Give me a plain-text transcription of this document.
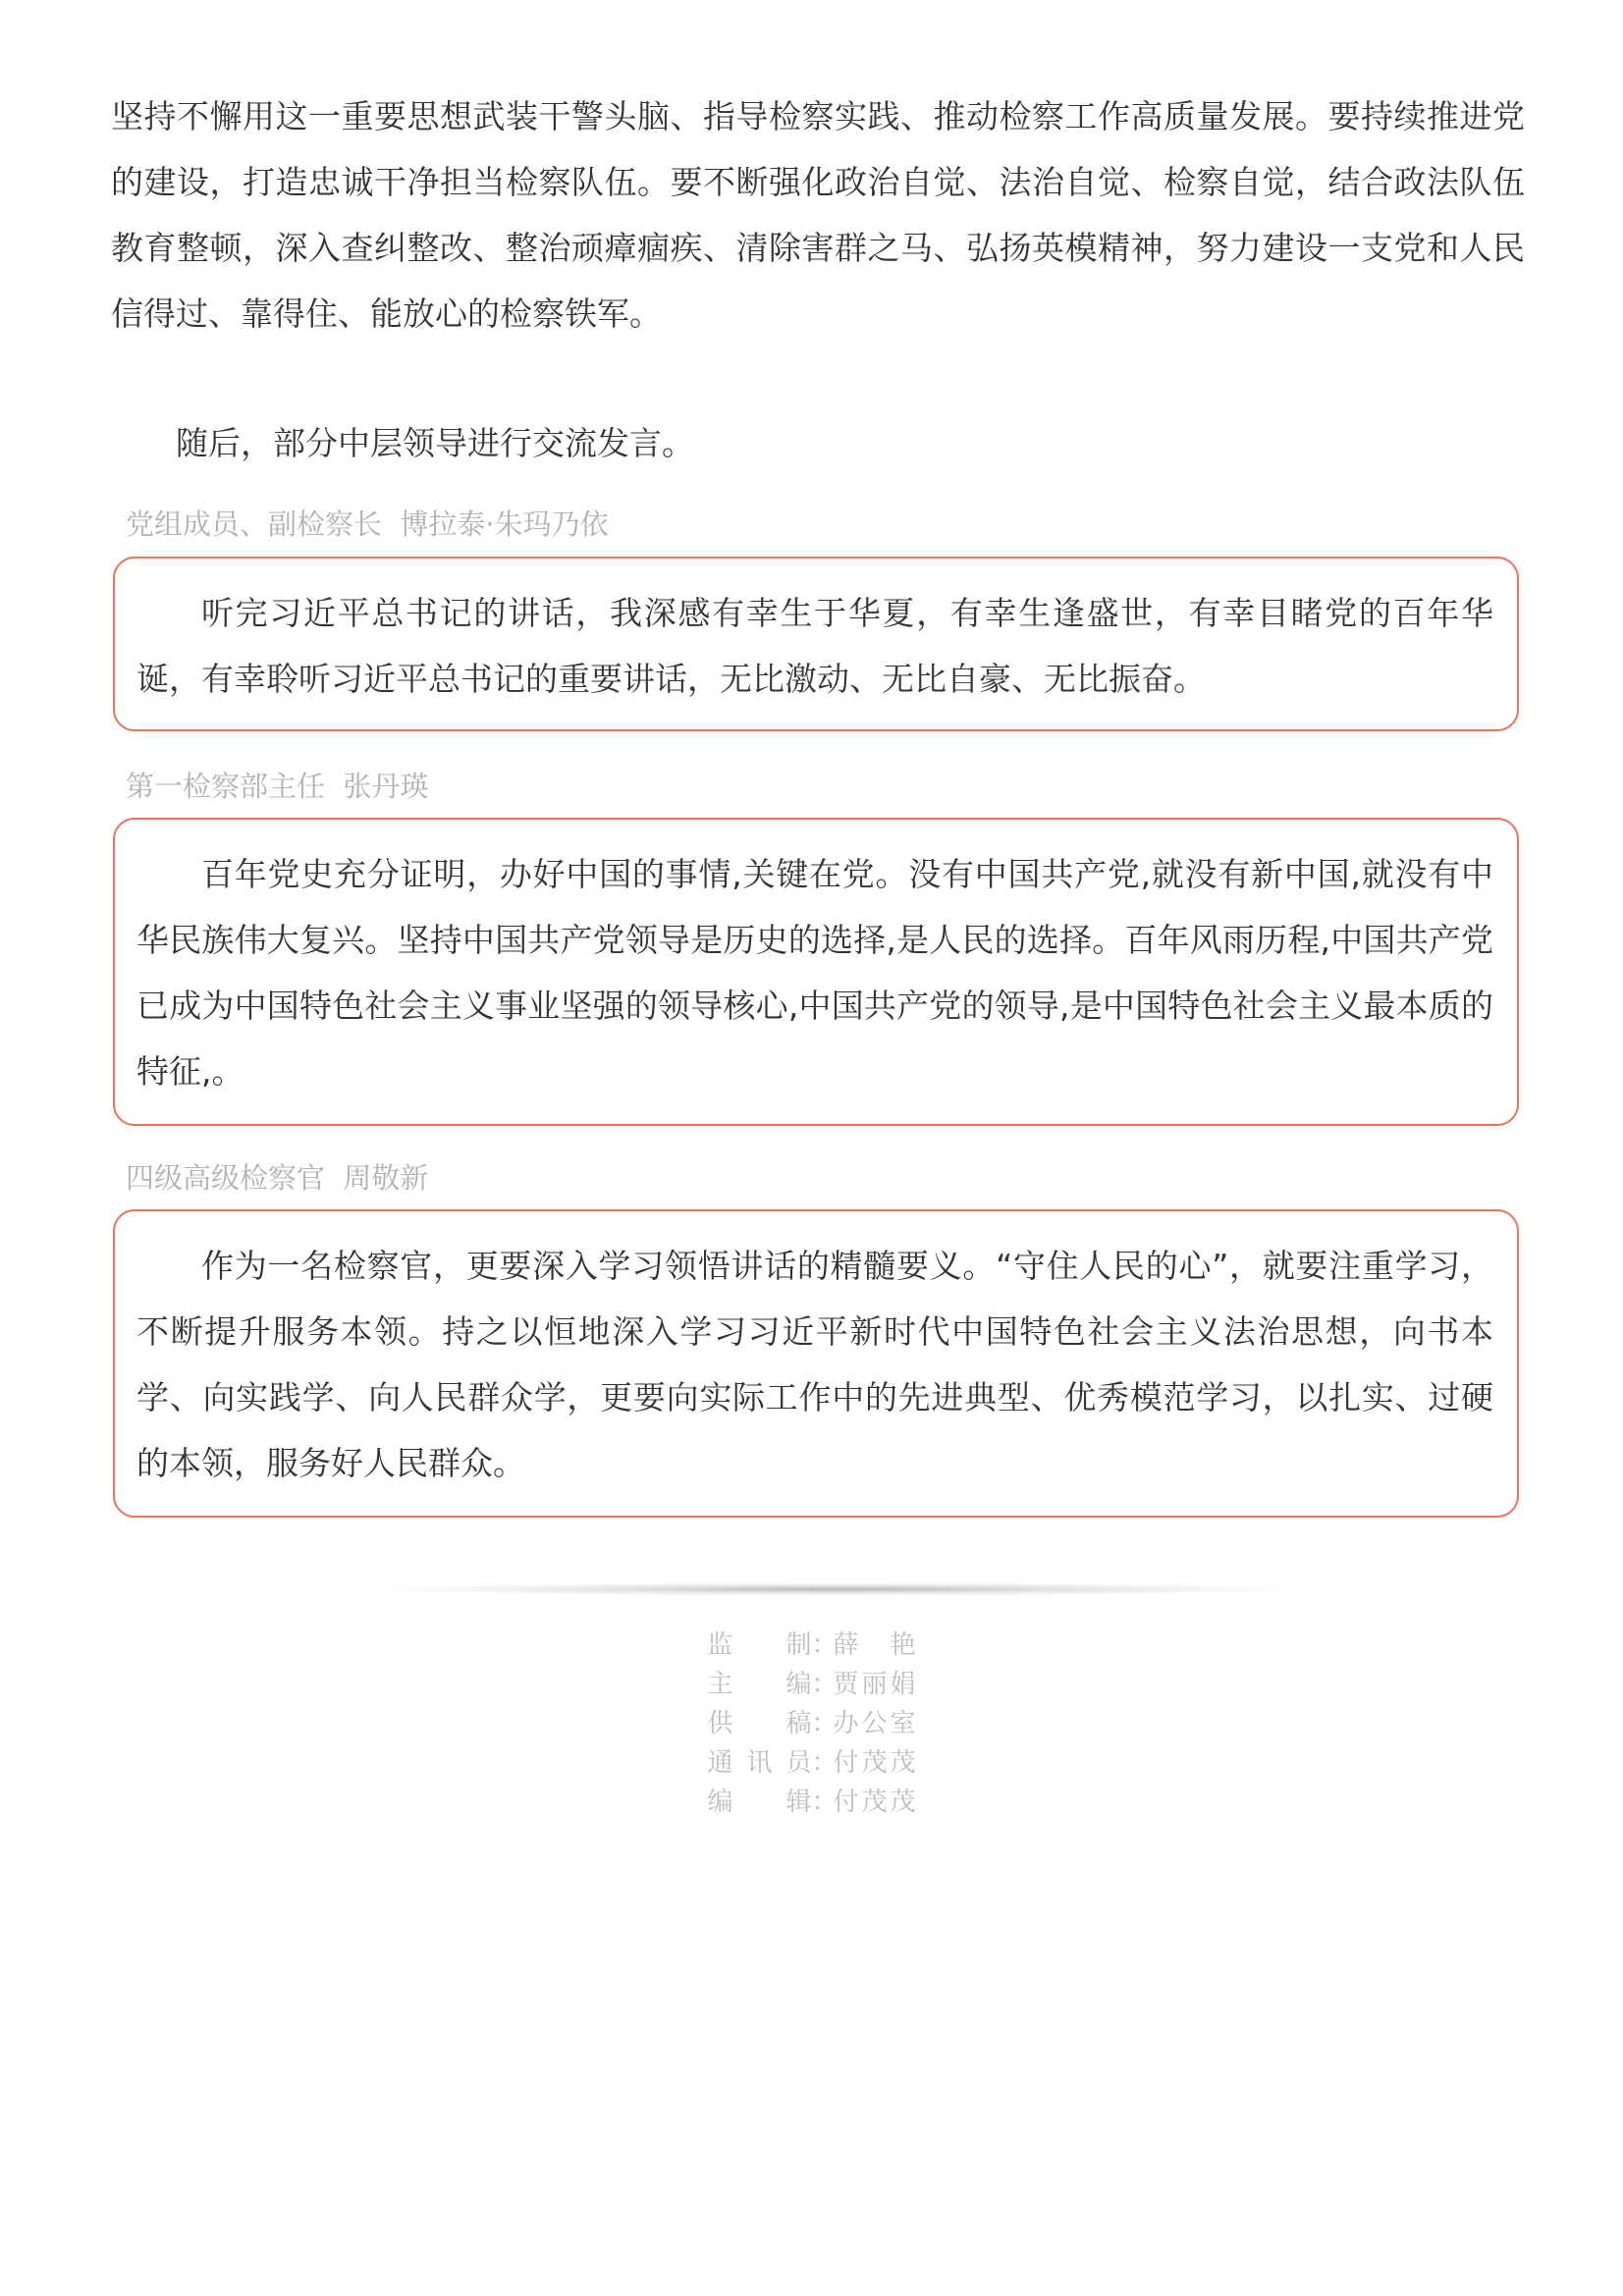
坚持不懈用这一重要思想武装干警头脑、指导检察实践、推动检察工作高质量发展。要持续推进党的建设，打造忠诚干净担当检察队伍。要不断强化政治自觉、法治自觉、检察自觉，结合政法队伍教育整顿，深入查纠整改、整治顽瘴痼疾、清除害群之马、弘扬英模精神，努力建设一支党和人民信得过、靠得住、能放心的检察铁军。

随后，部分中层领导进行交流发言。

党组成员、副检察长  博拉泰·朱玛乃依

听完习近平总书记的讲话，我深感有幸生于华夏，有幸生逢盛世，有幸目睹党的百年华诞，有幸聆听习近平总书记的重要讲话，无比激动、无比自豪、无比振奋。

第一检察部主任  张丹瑛

百年党史充分证明，办好中国的事情,关键在党。没有中国共产党,就没有新中国,就没有中华民族伟大复兴。坚持中国共产党领导是历史的选择,是人民的选择。百年风雨历程,中国共产党已成为中国特色社会主义事业坚强的领导核心,中国共产党的领导,是中国特色社会主义最本质的特征,。

四级高级检察官  周敬新

作为一名检察官，更要深入学习领悟讲话的精髓要义。“守住人民的心”，就要注重学习，不断提升服务本领。持之以恒地深入学习习近平新时代中国特色社会主义法治思想，向书本学、向实践学、向人民群众学，更要向实际工作中的先进典型、优秀模范学习，以扎实、过硬的本领，服务好人民群众。

监制 ：
薛艳
主编 ：
贾丽娟
供稿 ：
办公室
通讯员 ：
付茂茂
编辑 ：
付茂茂
